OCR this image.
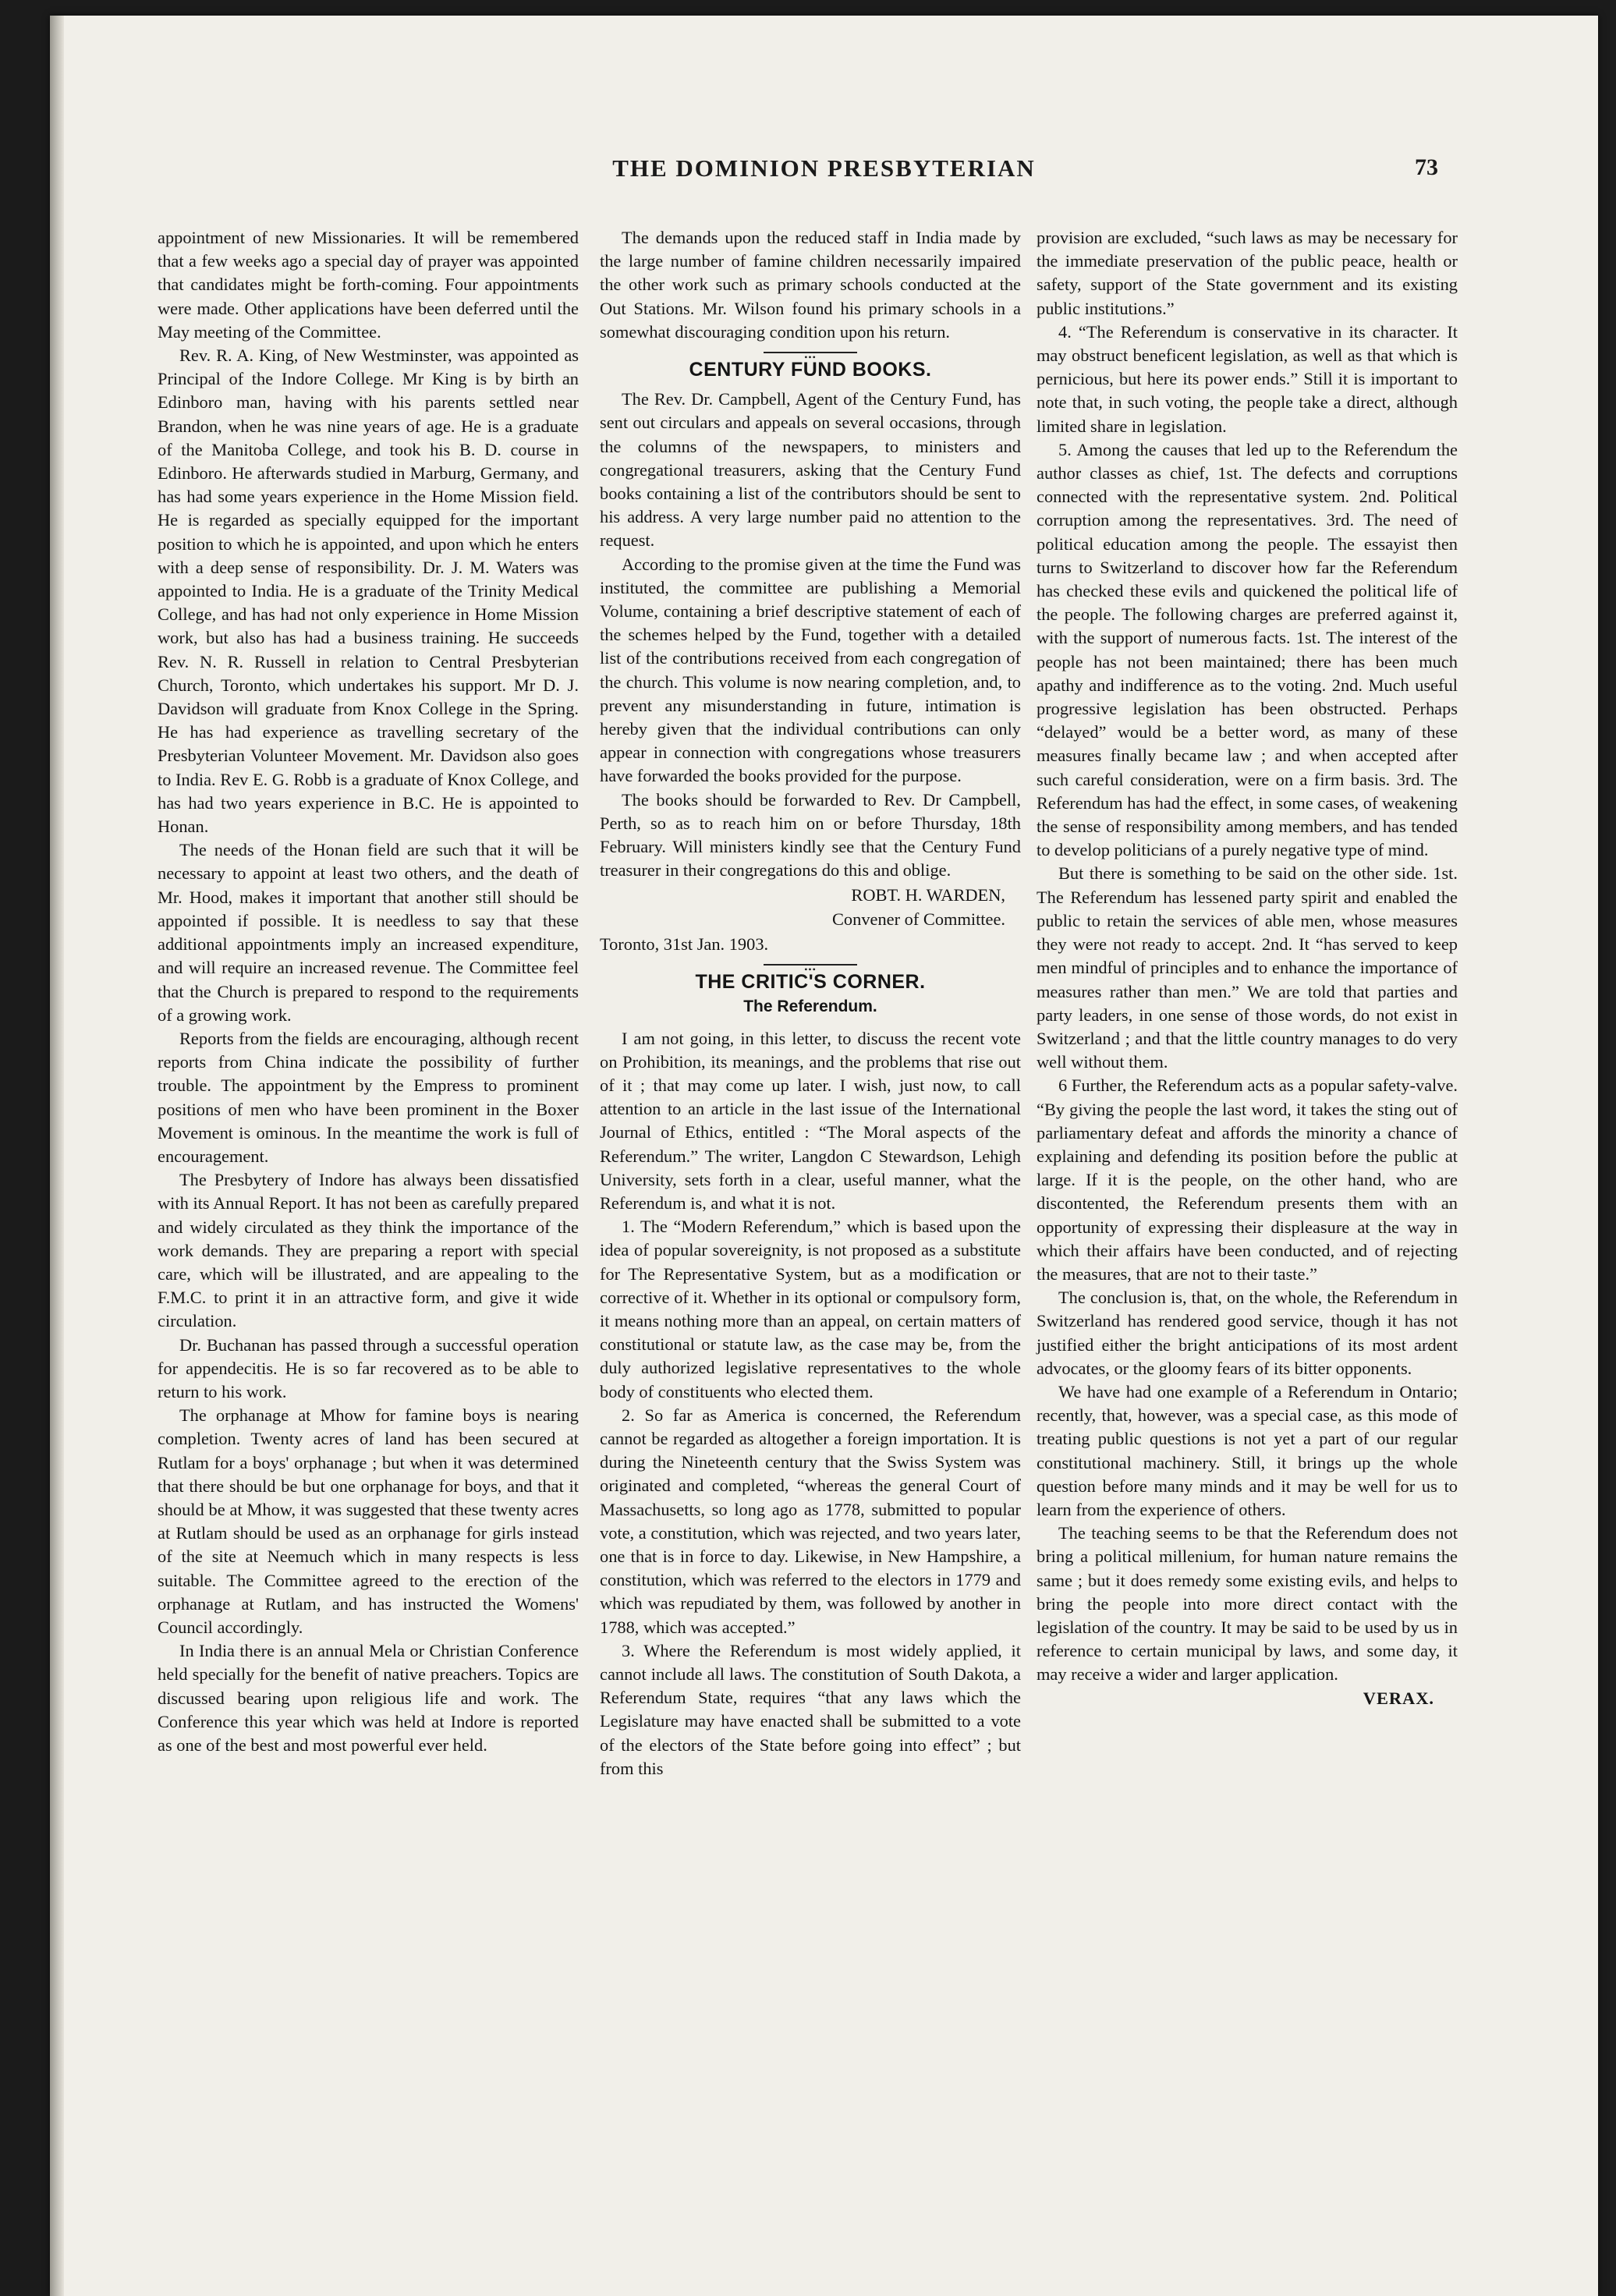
THE DOMINION PRESBYTERIAN	73

appointment of new Missionaries. It will be remembered that a few weeks ago a special day of prayer was appointed that candidates might be forth-coming. Four appointments were made. Other applications have been deferred until the May meeting of the Committee.

Rev. R. A. King, of New Westminster, was appointed as Principal of the Indore College. Mr King is by birth an Edinboro man, having with his parents settled near Brandon, when he was nine years of age. He is a graduate of the Manitoba College, and took his B. D. course in Edinboro. He afterwards studied in Marburg, Germany, and has had some years experience in the Home Mission field. He is regarded as specially equipped for the important position to which he is appointed, and upon which he enters with a deep sense of responsibility. Dr. J. M. Waters was appointed to India. He is a graduate of the Trinity Medical College, and has had not only experience in Home Mission work, but also has had a business training. He succeeds Rev. N. R. Russell in relation to Central Presbyterian Church, Toronto, which undertakes his support. Mr D. J. Davidson will graduate from Knox College in the Spring. He has had experience as travelling secretary of the Presbyterian Volunteer Movement. Mr. Davidson also goes to India. Rev E. G. Robb is a graduate of Knox College, and has had two years experience in B.C. He is appointed to Honan.

The needs of the Honan field are such that it will be necessary to appoint at least two others, and the death of Mr. Hood, makes it important that another still should be appointed if possible. It is needless to say that these additional appointments imply an increased expenditure, and will require an increased revenue. The Committee feel that the Church is prepared to respond to the requirements of a growing work.

Reports from the fields are encouraging, although recent reports from China indicate the possibility of further trouble. The appointment by the Empress to prominent positions of men who have been prominent in the Boxer Movement is ominous. In the meantime the work is full of encouragement.

The Presbytery of Indore has always been dissatisfied with its Annual Report. It has not been as carefully prepared and widely circulated as they think the importance of the work demands. They are preparing a report with special care, which will be illustrated, and are appealing to the F.M.C. to print it in an attractive form, and give it wide circulation.

Dr. Buchanan has passed through a successful operation for appendecitis. He is so far recovered as to be able to return to his work.

The orphanage at Mhow for famine boys is nearing completion. Twenty acres of land has been secured at Rutlam for a boys' orphanage ; but when it was determined that there should be but one orphanage for boys, and that it should be at Mhow, it was suggested that these twenty acres at Rutlam should be used as an orphanage for girls instead of the site at Neemuch which in many respects is less suitable. The Committee agreed to the erection of the orphanage at Rutlam, and has instructed the Womens' Council accordingly.

In India there is an annual Mela or Christian Conference held specially for the benefit of native preachers. Topics are discussed bearing upon religious life and work. The Conference this year which was held at Indore is reported as one of the best and most powerful ever held.

The demands upon the reduced staff in India made by the large number of famine children necessarily impaired the other work such as primary schools conducted at the Out Stations. Mr. Wilson found his primary schools in a somewhat discouraging condition upon his return.

•••
CENTURY FUND BOOKS.

The Rev. Dr. Campbell, Agent of the Century Fund, has sent out circulars and appeals on several occasions, through the columns of the newspapers, to ministers and congregational treasurers, asking that the Century Fund books containing a list of the contributors should be sent to his address. A very large number paid no attention to the request.

According to the promise given at the time the Fund was instituted, the committee are publishing a Memorial Volume, containing a brief descriptive statement of each of the schemes helped by the Fund, together with a detailed list of the contributions received from each congregation of the church. This volume is now nearing completion, and, to prevent any misunderstanding in future, intimation is hereby given that the individual contributions can only appear in connection with congregations whose treasurers have forwarded the books provided for the purpose.

The books should be forwarded to Rev. Dr Campbell, Perth, so as to reach him on or before Thursday, 18th February. Will ministers kindly see that the Century Fund treasurer in their congregations do this and oblige.

ROBT. H. WARDEN,
Convener of Committee.
Toronto, 31st Jan. 1903.
•••
THE CRITIC'S CORNER.
The Referendum.

I am not going, in this letter, to discuss the recent vote on Prohibition, its meanings, and the problems that rise out of it ; that may come up later. I wish, just now, to call attention to an article in the last issue of the International Journal of Ethics, entitled : “The Moral aspects of the Referendum.” The writer, Langdon C Stewardson, Lehigh University, sets forth in a clear, useful manner, what the Referendum is, and what it is not.

1. The “Modern Referendum,” which is based upon the idea of popular sovereignity, is not proposed as a substitute for The Representative System, but as a modification or corrective of it. Whether in its optional or compulsory form, it means nothing more than an appeal, on certain matters of constitutional or statute law, as the case may be, from the duly authorized legislative representatives to the whole body of constituents who elected them.

2. So far as America is concerned, the Referendum cannot be regarded as altogether a foreign importation. It is during the Nineteenth century that the Swiss System was originated and completed, “whereas the general Court of Massachusetts, so long ago as 1778, submitted to popular vote, a constitution, which was rejected, and two years later, one that is in force to day. Likewise, in New Hampshire, a constitution, which was referred to the electors in 1779 and which was repudiated by them, was followed by another in 1788, which was accepted.”

3. Where the Referendum is most widely applied, it cannot include all laws. The constitution of South Dakota, a Referendum State, requires “that any laws which the Legislature may have enacted shall be submitted to a vote of the electors of the State before going into effect” ; but from this

provision are excluded, “such laws as may be necessary for the immediate preservation of the public peace, health or safety, support of the State government and its existing public institutions.”

4. “The Referendum is conservative in its character. It may obstruct beneficent legislation, as well as that which is pernicious, but here its power ends.” Still it is important to note that, in such voting, the people take a direct, although limited share in legislation.

5. Among the causes that led up to the Referendum the author classes as chief, 1st. The defects and corruptions connected with the representative system. 2nd. Political corruption among the representatives. 3rd. The need of political education among the people. The essayist then turns to Switzerland to discover how far the Referendum has checked these evils and quickened the political life of the people. The following charges are preferred against it, with the support of numerous facts. 1st. The interest of the people has not been maintained; there has been much apathy and indifference as to the voting. 2nd. Much useful progressive legislation has been obstructed. Perhaps “delayed” would be a better word, as many of these measures finally became law ; and when accepted after such careful consideration, were on a firm basis. 3rd. The Referendum has had the effect, in some cases, of weakening the sense of responsibility among members, and has tended to develop politicians of a purely negative type of mind.

But there is something to be said on the other side. 1st. The Referendum has lessened party spirit and enabled the public to retain the services of able men, whose measures they were not ready to accept. 2nd. It “has served to keep men mindful of principles and to enhance the importance of measures rather than men.” We are told that parties and party leaders, in one sense of those words, do not exist in Switzerland ; and that the little country manages to do very well without them.

6 Further, the Referendum acts as a popular safety-valve. “By giving the people the last word, it takes the sting out of parliamentary defeat and affords the minority a chance of explaining and defending its position before the public at large. If it is the people, on the other hand, who are discontented, the Referendum presents them with an opportunity of expressing their displeasure at the way in which their affairs have been conducted, and of rejecting the measures, that are not to their taste.”

The conclusion is, that, on the whole, the Referendum in Switzerland has rendered good service, though it has not justified either the bright anticipations of its most ardent advocates, or the gloomy fears of its bitter opponents.

We have had one example of a Referendum in Ontario; recently, that, however, was a special case, as this mode of treating public questions is not yet a part of our regular constitutional machinery. Still, it brings up the whole question before many minds and it may be well for us to learn from the experience of others.

The teaching seems to be that the Referendum does not bring a political millenium, for human nature remains the same ; but it does remedy some existing evils, and helps to bring the people into more direct contact with the legislation of the country. It may be said to be used by us in reference to certain municipal by laws, and some day, it may receive a wider and larger application.

VERAX.
